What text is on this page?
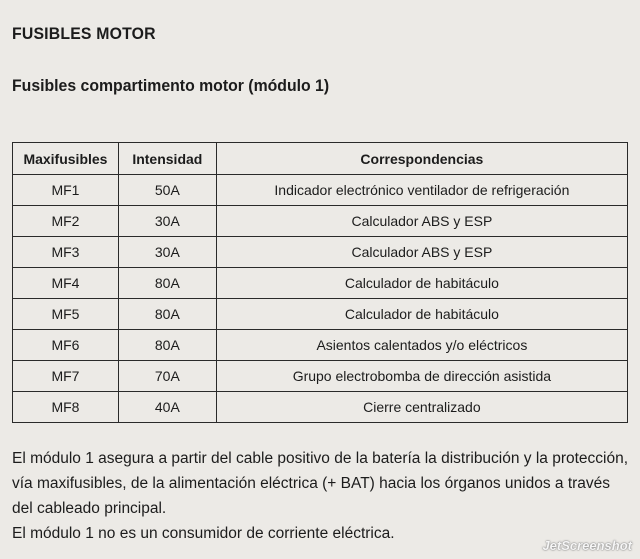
FUSIBLES MOTOR
Fusibles compartimento motor (módulo 1)
Maxifusibles	Intensidad	Correspondencias
MF1	50A	Indicador electrónico ventilador de refrigeración
MF2	30A	Calculador ABS y ESP
MF3	30A	Calculador ABS y ESP
MF4	80A	Calculador de habitáculo
MF5	80A	Calculador de habitáculo
MF6	80A	Asientos calentados y/o eléctricos
MF7	70A	Grupo electrobomba de dirección asistida
MF8	40A	Cierre centralizado

El módulo 1 asegura a partir del cable positivo de la batería la distribución y la protección, vía maxifusibles, de la alimentación eléctrica (+ BAT) hacia los órganos unidos a través del cableado principal.

El módulo 1 no es un consumidor de corriente eléctrica.

JetScreenshot
